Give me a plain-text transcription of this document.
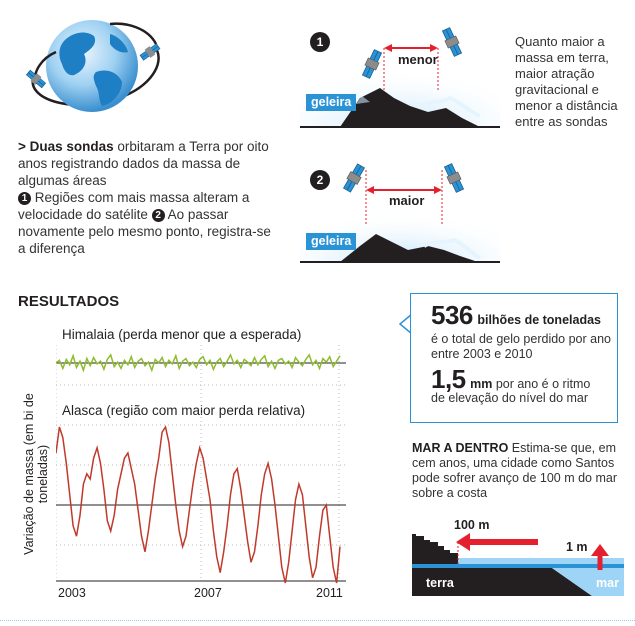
> Duas sondas orbitaram a Terra por oito anos registrando dados da massa de algumas áreas
1 Regiões com mais massa alteram a velocidade do satélite 2 Ao passar novamente pelo mesmo ponto, registra-se a diferença
1
menor
geleira
2
maior
geleira
Quanto maior a massa em terra, maior atração gravitacional e menor a distância entre as sondas
RESULTADOS
Variação de massa (em bi de toneladas)
Himalaia (perda menor que a esperada)
Alasca (região com maior perda relativa)
2003	2007	2011
536 bilhões de toneladas
é o total de gelo perdido por ano entre 2003 e 2010
1,5 mm por ano é o ritmo
de elevação do nível do mar
MAR A DENTRO Estima-se que, em cem anos, uma cidade como Santos pode sofrer avanço de 100 m do mar sobre a costa
100 m
1 m
terra	mar
